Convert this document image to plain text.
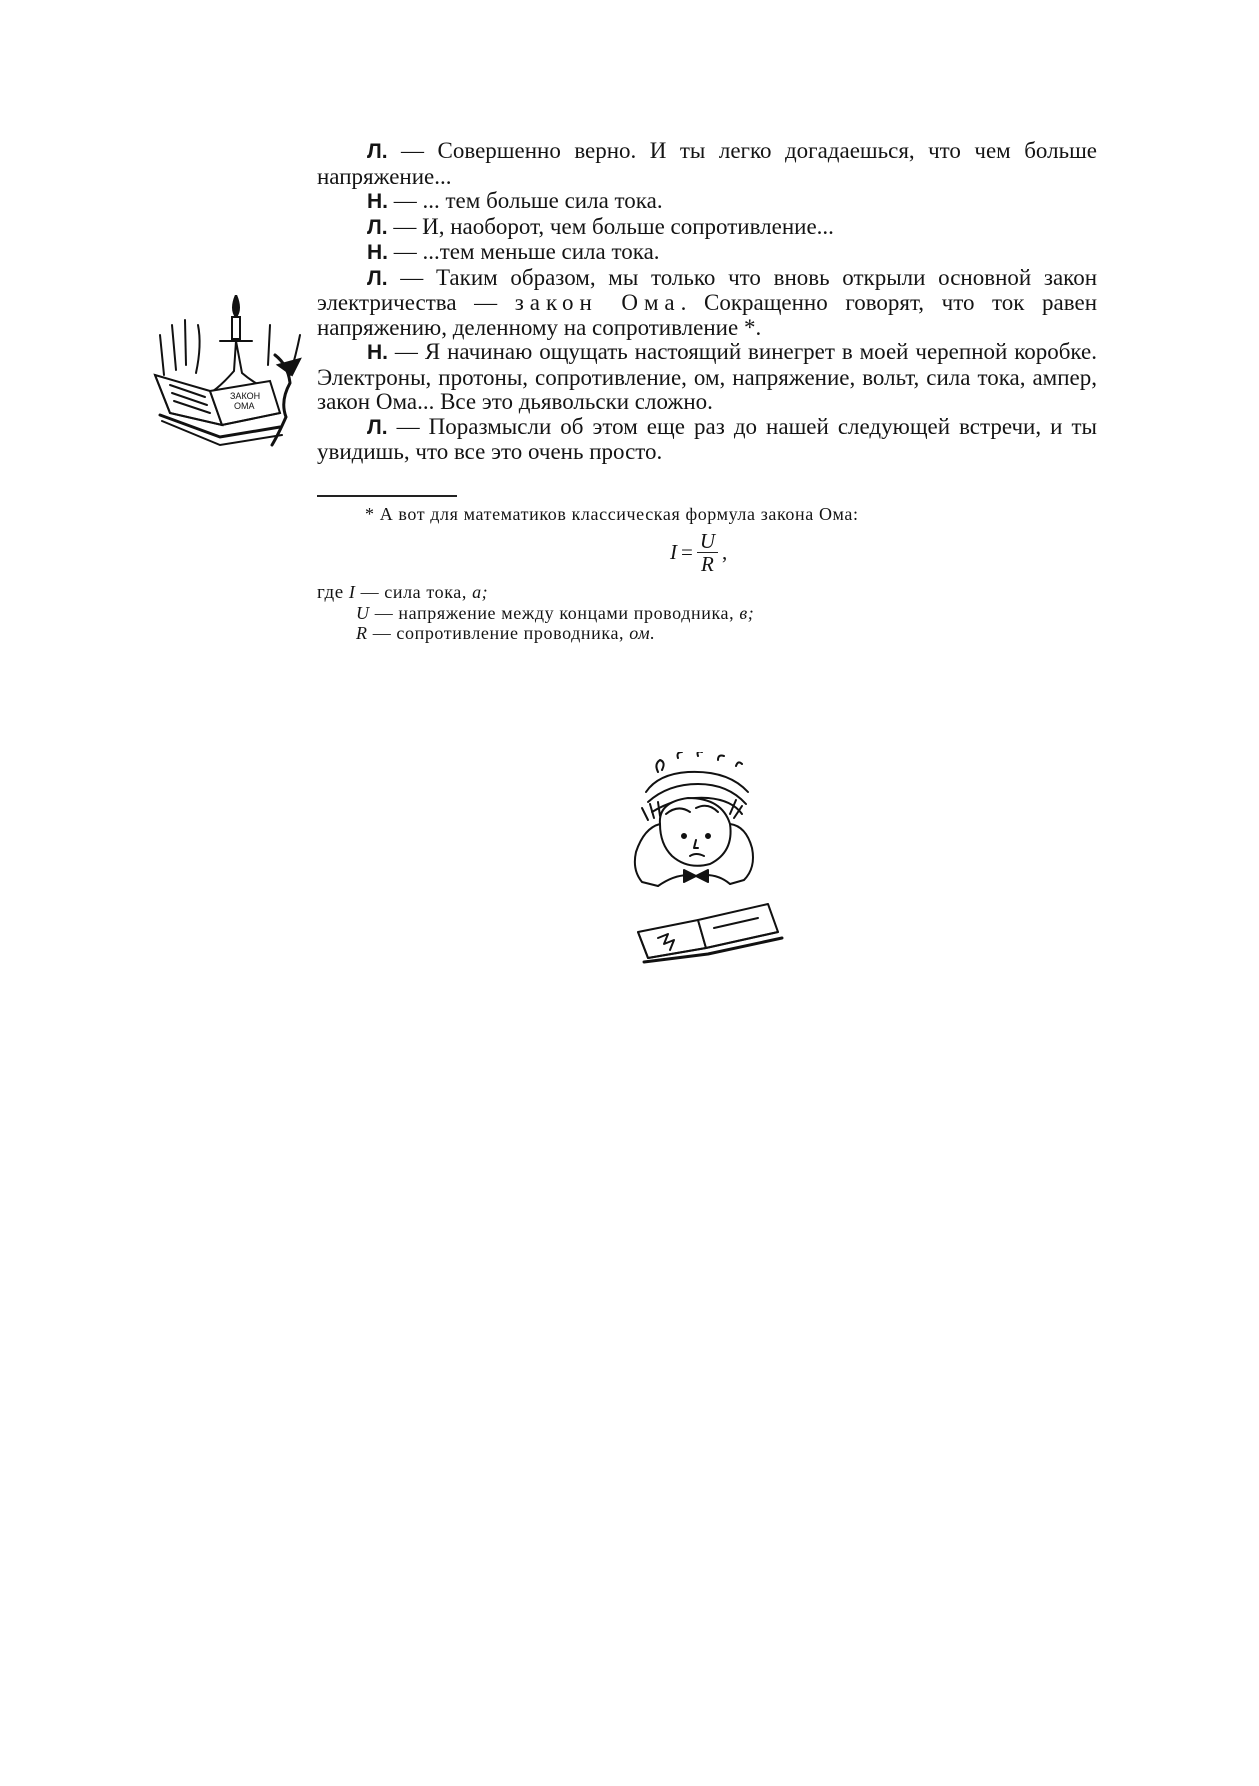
Л. — Совершенно верно. И ты легко догадаешься, что чем больше напряжение...

Н. — ... тем больше сила тока.

Л. — И, наоборот, чем больше сопротивление...

Н. — ...тем меньше сила тока.

Л. — Таким образом, мы только что вновь открыли основной закон электричества — закон Ома. Сокращенно говорят, что ток равен напряжению, деленному на сопротивление *.

Н. — Я начинаю ощущать настоящий винегрет в моей черепной коробке. Электроны, протоны, сопротивление, ом, напряжение, вольт, сила тока, ампер, закон Ома... Все это дьявольски сложно.

Л. — Поразмысли об этом еще раз до нашей следующей встречи, и ты увидишь, что все это очень просто.

* А вот для математиков классическая формула закона Ома:

$I = \frac{U}{R}$ ,
где I — сила тока, а;
U — напряжение между концами проводника, в;
R — сопротивление проводника, ом.
ЗАКОН
ОМА
